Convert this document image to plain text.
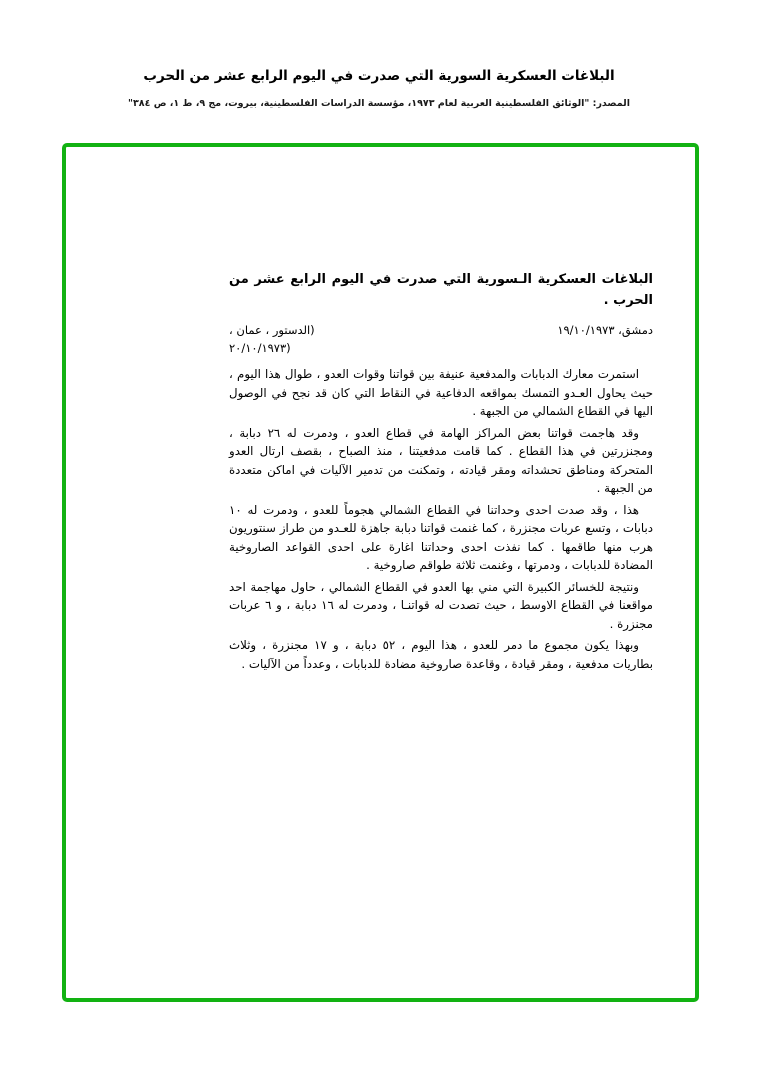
البلاغات العسكرية السورية التي صدرت في اليوم الرابع عشر من الحرب
المصدر: "الوثائق الفلسطينية العربية لعام ١٩٧٣، مؤسسة الدراسات الفلسطينية، بيروت، مج ٩، ط ١، ص ٣٨٤"
البلاغات العسكرية الـسورية التي صدرت في اليوم الرابع عشر من الحرب .
دمشق، ١٩/١٠/١٩٧٣
(الدستور ، عمان ،
(٢٠/١٠/١٩٧٣

استمرت معارك الدبابات والمدفعية عنيفة بين قواتنا وقوات العدو ، طوال هذا اليوم ، حيث يحاول العـدو التمسك بمواقعه الدفاعية في النقاط التي كان قد نجح في الوصول اليها في القطاع الشمالي من الجبهة .

وقد هاجمت قواتنا بعض المراكز الهامة في قطاع العدو ، ودمرت له ٢٦ دبابة ، ومجنزرتين في هذا القطاع . كما قامت مدفعيتنا ، منذ الصباح ، بقصف ارتال العدو المتحركة ومناطق تحشداته ومقر قيادته ، وتمكنت من تدمير الآليات في اماكن متعددة من الجبهة .

هذا ، وقد صدت احدى وحداتنا في القطاع الشمالي هجوماً للعدو ، ودمرت له ١٠ دبابات ، وتسع عربات مجنزرة ، كما غنمت قواتنا دبابة جاهزة للعـدو من طراز سنتوريون هرب منها طاقمها . كما نفذت احدى وحداتنا اغارة على احدى القواعد الصاروخية المضادة للدبابات ، ودمرتها ، وغنمت ثلاثة طواقم صاروخية .

ونتيجة للخسائر الكبيرة التي مني بها العدو في القطاع الشمالي ، حاول مهاجمة احد مواقعنا في القطاع الاوسط ، حيث تصدت له قواتنـا ، ودمرت له ١٦ دبابة ، و ٦ عربات مجنزرة .

وبهذا يكون مجموع ما دمر للعدو ، هذا اليوم ، ٥٢ دبابة ، و ١٧ مجنزرة ، وثلاث بطاريات مدفعية ، ومقر قيادة ، وقاعدة صاروخية مضادة للدبابات ، وعدداً من الآليات .
